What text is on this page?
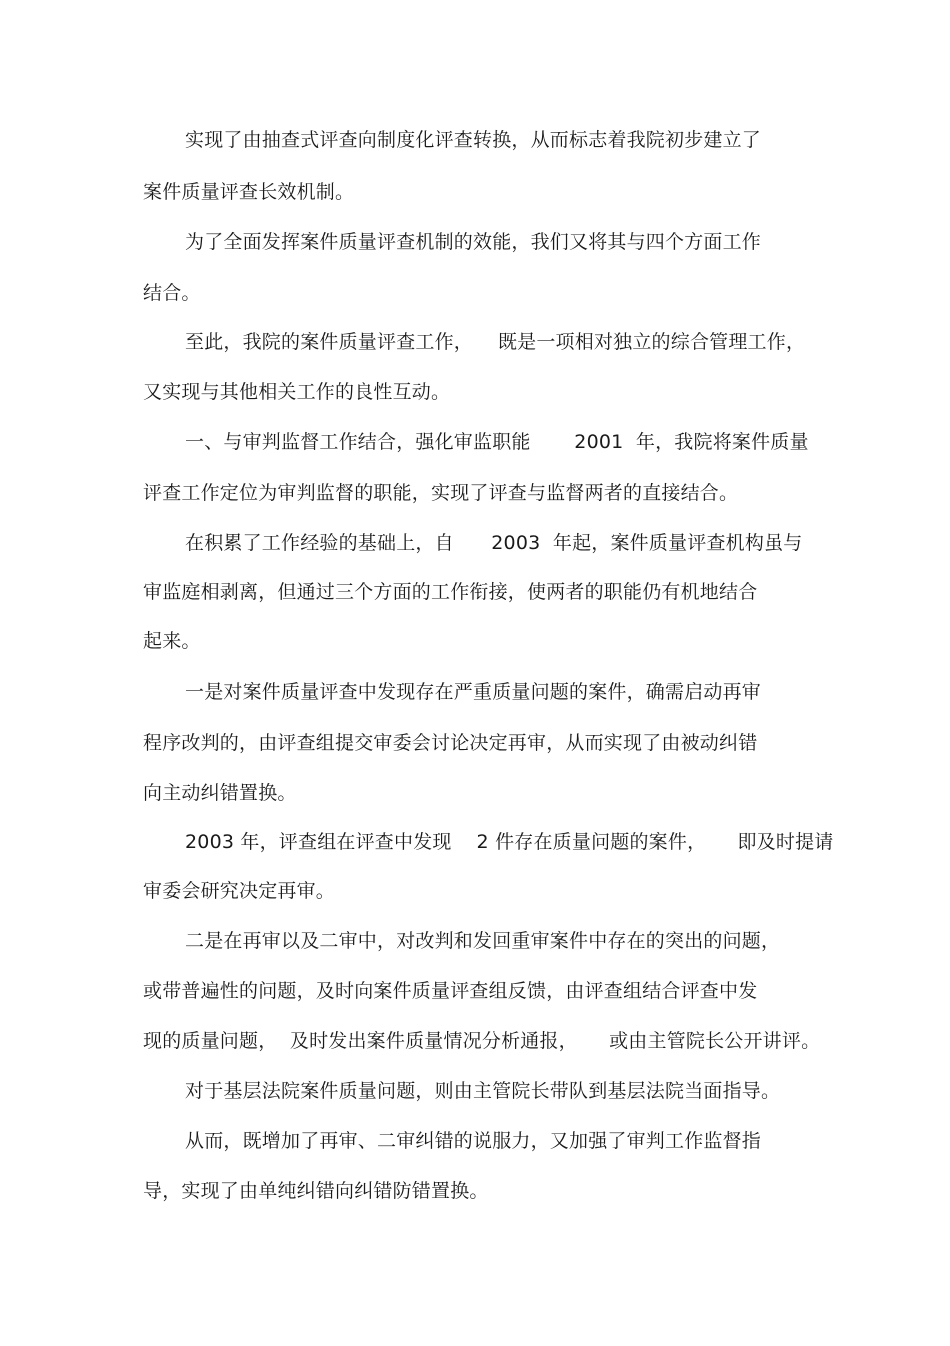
实现了由抽查式评查向制度化评查转换，从而标志着我院初步建立了
案件质量评查长效机制。
为了全面发挥案件质量评查机制的效能，我们又将其与四个方面工作
结合。
至此，我院的案件质量评查工作，    既是一项相对独立的综合管理工作，
又实现与其他相关工作的良性互动。
一、与审判监督工作结合，强化审监职能       2001  年，我院将案件质量
评查工作定位为审判监督的职能，实现了评查与监督两者的直接结合。
在积累了工作经验的基础上，自      2003  年起，案件质量评查机构虽与
审监庭相剥离，但通过三个方面的工作衔接，使两者的职能仍有机地结合
起来。
一是对案件质量评查中发现存在严重质量问题的案件，确需启动再审
程序改判的，由评查组提交审委会讨论决定再审，从而实现了由被动纠错
向主动纠错置换。
2003 年，评查组在评查中发现    2 件存在质量问题的案件，     即及时提请
审委会研究决定再审。
二是在再审以及二审中，对改判和发回重审案件中存在的突出的问题，
或带普遍性的问题，及时向案件质量评查组反馈，由评查组结合评查中发
现的质量问题，  及时发出案件质量情况分析通报，     或由主管院长公开讲评。
对于基层法院案件质量问题，则由主管院长带队到基层法院当面指导。
从而，既增加了再审、二审纠错的说服力，又加强了审判工作监督指
导，实现了由单纯纠错向纠错防错置换。
